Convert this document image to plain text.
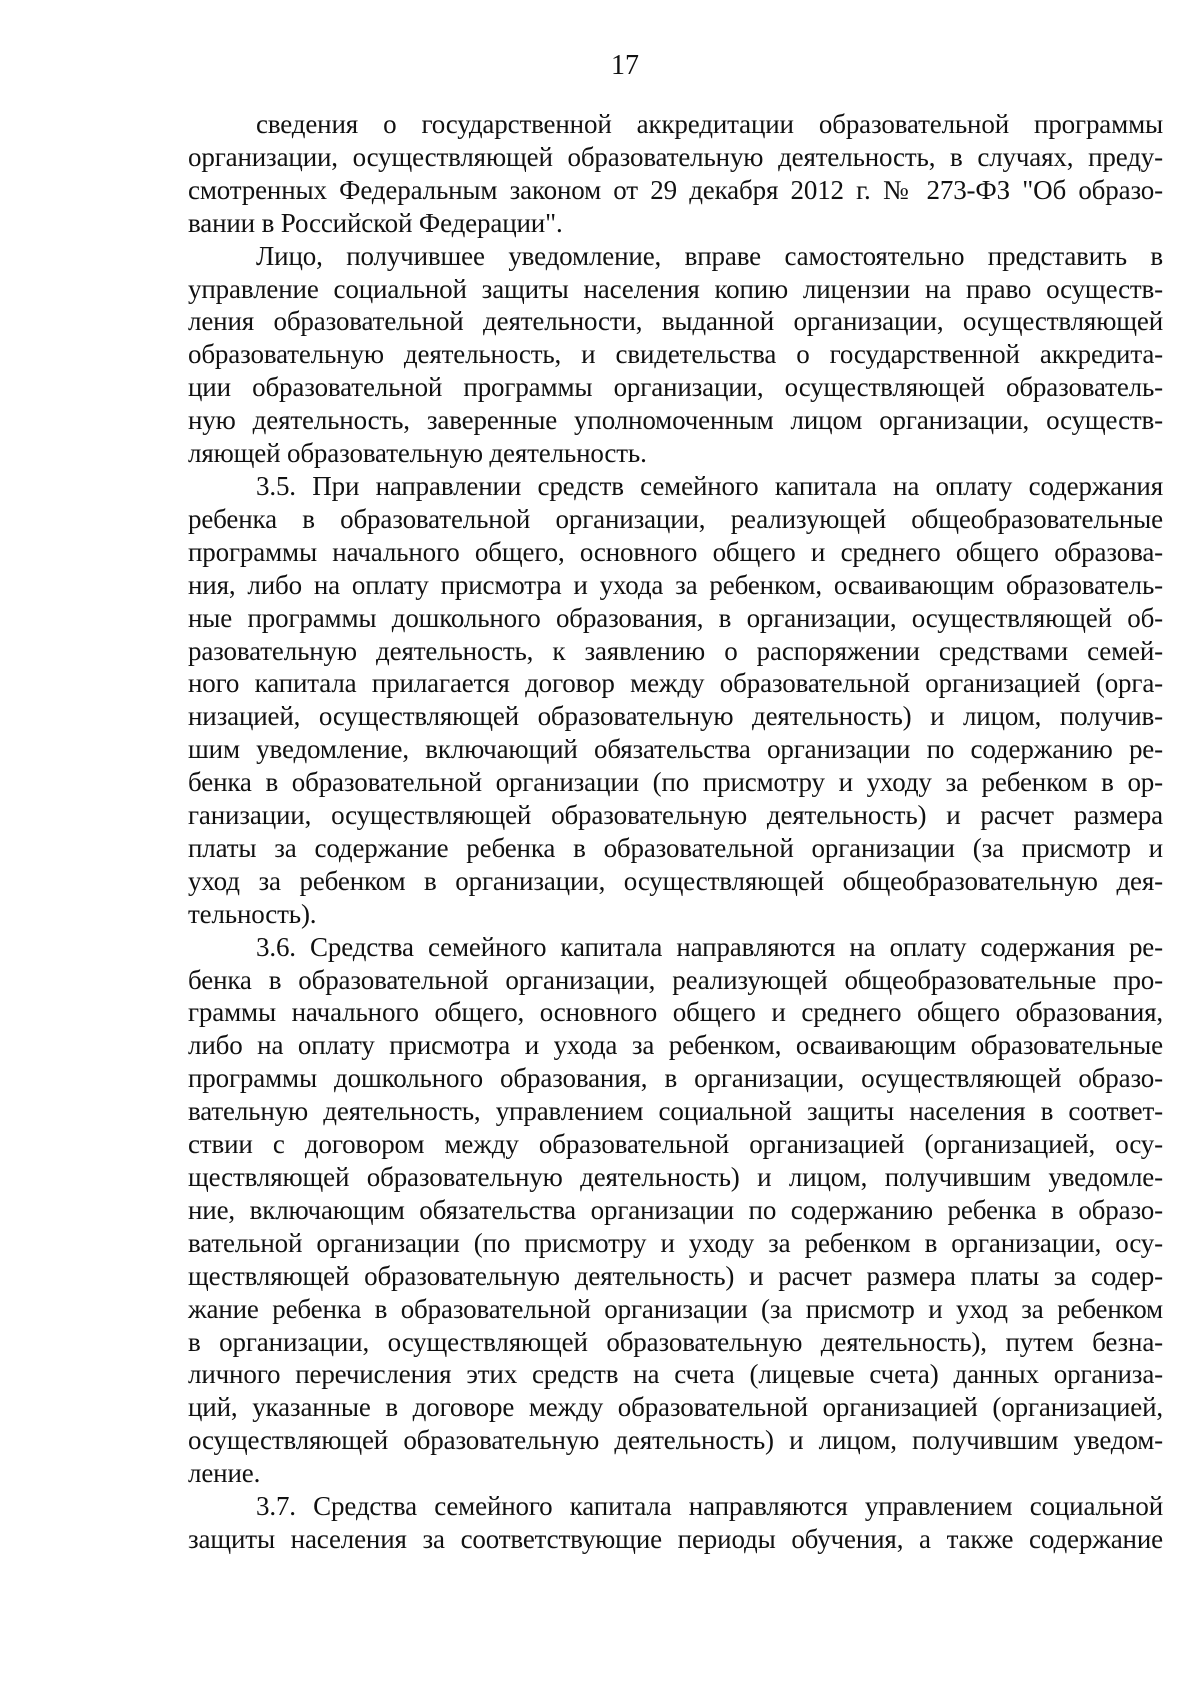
17
сведения о государственной аккредитации образовательной программы
организации, осуществляющей образовательную деятельность, в случаях, преду-
смотренных Федеральным законом от 29 декабря 2012 г. № 273-ФЗ "Об образо-
вании в Российской Федерации".
Лицо, получившее уведомление, вправе самостоятельно представить в
управление социальной защиты населения копию лицензии на право осуществ-
ления образовательной деятельности, выданной организации, осуществляющей
образовательную деятельность, и свидетельства о государственной аккредита-
ции образовательной программы организации, осуществляющей образователь-
ную деятельность, заверенные уполномоченным лицом организации, осуществ-
ляющей образовательную деятельность.
3.5. При направлении средств семейного капитала на оплату содержания
ребенка в образовательной организации, реализующей общеобразовательные
программы начального общего, основного общего и среднего общего образова-
ния, либо на оплату присмотра и ухода за ребенком, осваивающим образователь-
ные программы дошкольного образования, в организации, осуществляющей об-
разовательную деятельность, к заявлению о распоряжении средствами семей-
ного капитала прилагается договор между образовательной организацией (орга-
низацией, осуществляющей образовательную деятельность) и лицом, получив-
шим уведомление, включающий обязательства организации по содержанию ре-
бенка в образовательной организации (по присмотру и уходу за ребенком в ор-
ганизации, осуществляющей образовательную деятельность) и расчет размера
платы за содержание ребенка в образовательной организации (за присмотр и
уход за ребенком в организации, осуществляющей общеобразовательную дея-
тельность).
3.6. Средства семейного капитала направляются на оплату содержания ре-
бенка в образовательной организации, реализующей общеобразовательные про-
граммы начального общего, основного общего и среднего общего образования,
либо на оплату присмотра и ухода за ребенком, осваивающим образовательные
программы дошкольного образования, в организации, осуществляющей образо-
вательную деятельность, управлением социальной защиты населения в соответ-
ствии с договором между образовательной организацией (организацией, осу-
ществляющей образовательную деятельность) и лицом, получившим уведомле-
ние, включающим обязательства организации по содержанию ребенка в образо-
вательной организации (по присмотру и уходу за ребенком в организации, осу-
ществляющей образовательную деятельность) и расчет размера платы за содер-
жание ребенка в образовательной организации (за присмотр и уход за ребенком
в организации, осуществляющей образовательную деятельность), путем безна-
личного перечисления этих средств на счета (лицевые счета) данных организа-
ций, указанные в договоре между образовательной организацией (организацией,
осуществляющей образовательную деятельность) и лицом, получившим уведом-
ление.
3.7. Средства семейного капитала направляются управлением социальной
защиты населения за соответствующие периоды обучения, а также содержание
